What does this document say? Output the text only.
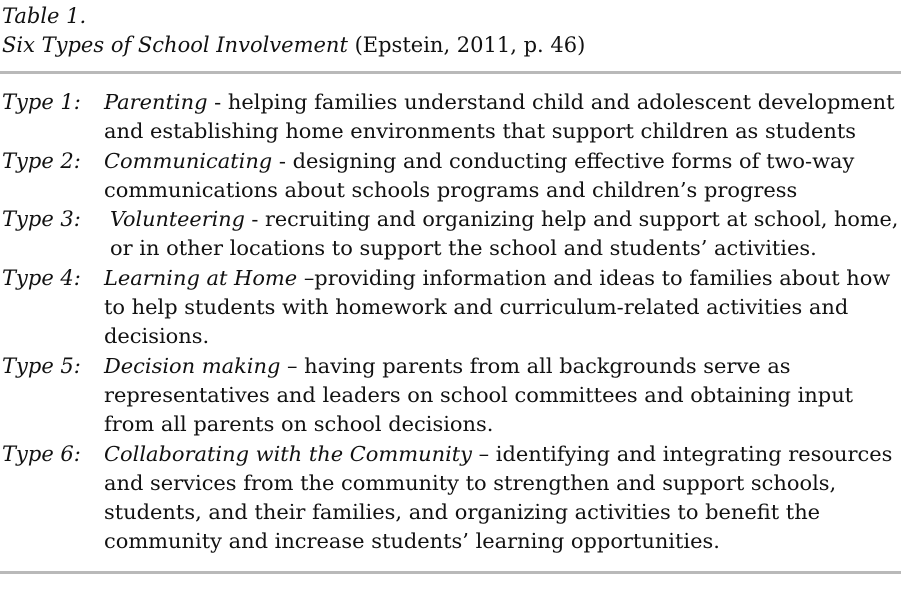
Table 1.
Six Types of School Involvement (Epstein, 2011, p. 46)
Type 1: Parenting - helping families understand child and adolescent development
and establishing home environments that support children as students
Type 2: Communicating - designing and conducting effective forms of two-way
communications about schools programs and children’s progress
Type 3: Volunteering - recruiting and organizing help and support at school, home,
or in other locations to support the school and students’ activities.
Type 4: Learning at Home –providing information and ideas to families about how
to help students with homework and curriculum-related activities and
decisions.
Type 5: Decision making – having parents from all backgrounds serve as
representatives and leaders on school committees and obtaining input
from all parents on school decisions.
Type 6: Collaborating with the Community – identifying and integrating resources
and services from the community to strengthen and support schools,
students, and their families, and organizing activities to benefit the
community and increase students’ learning opportunities.
